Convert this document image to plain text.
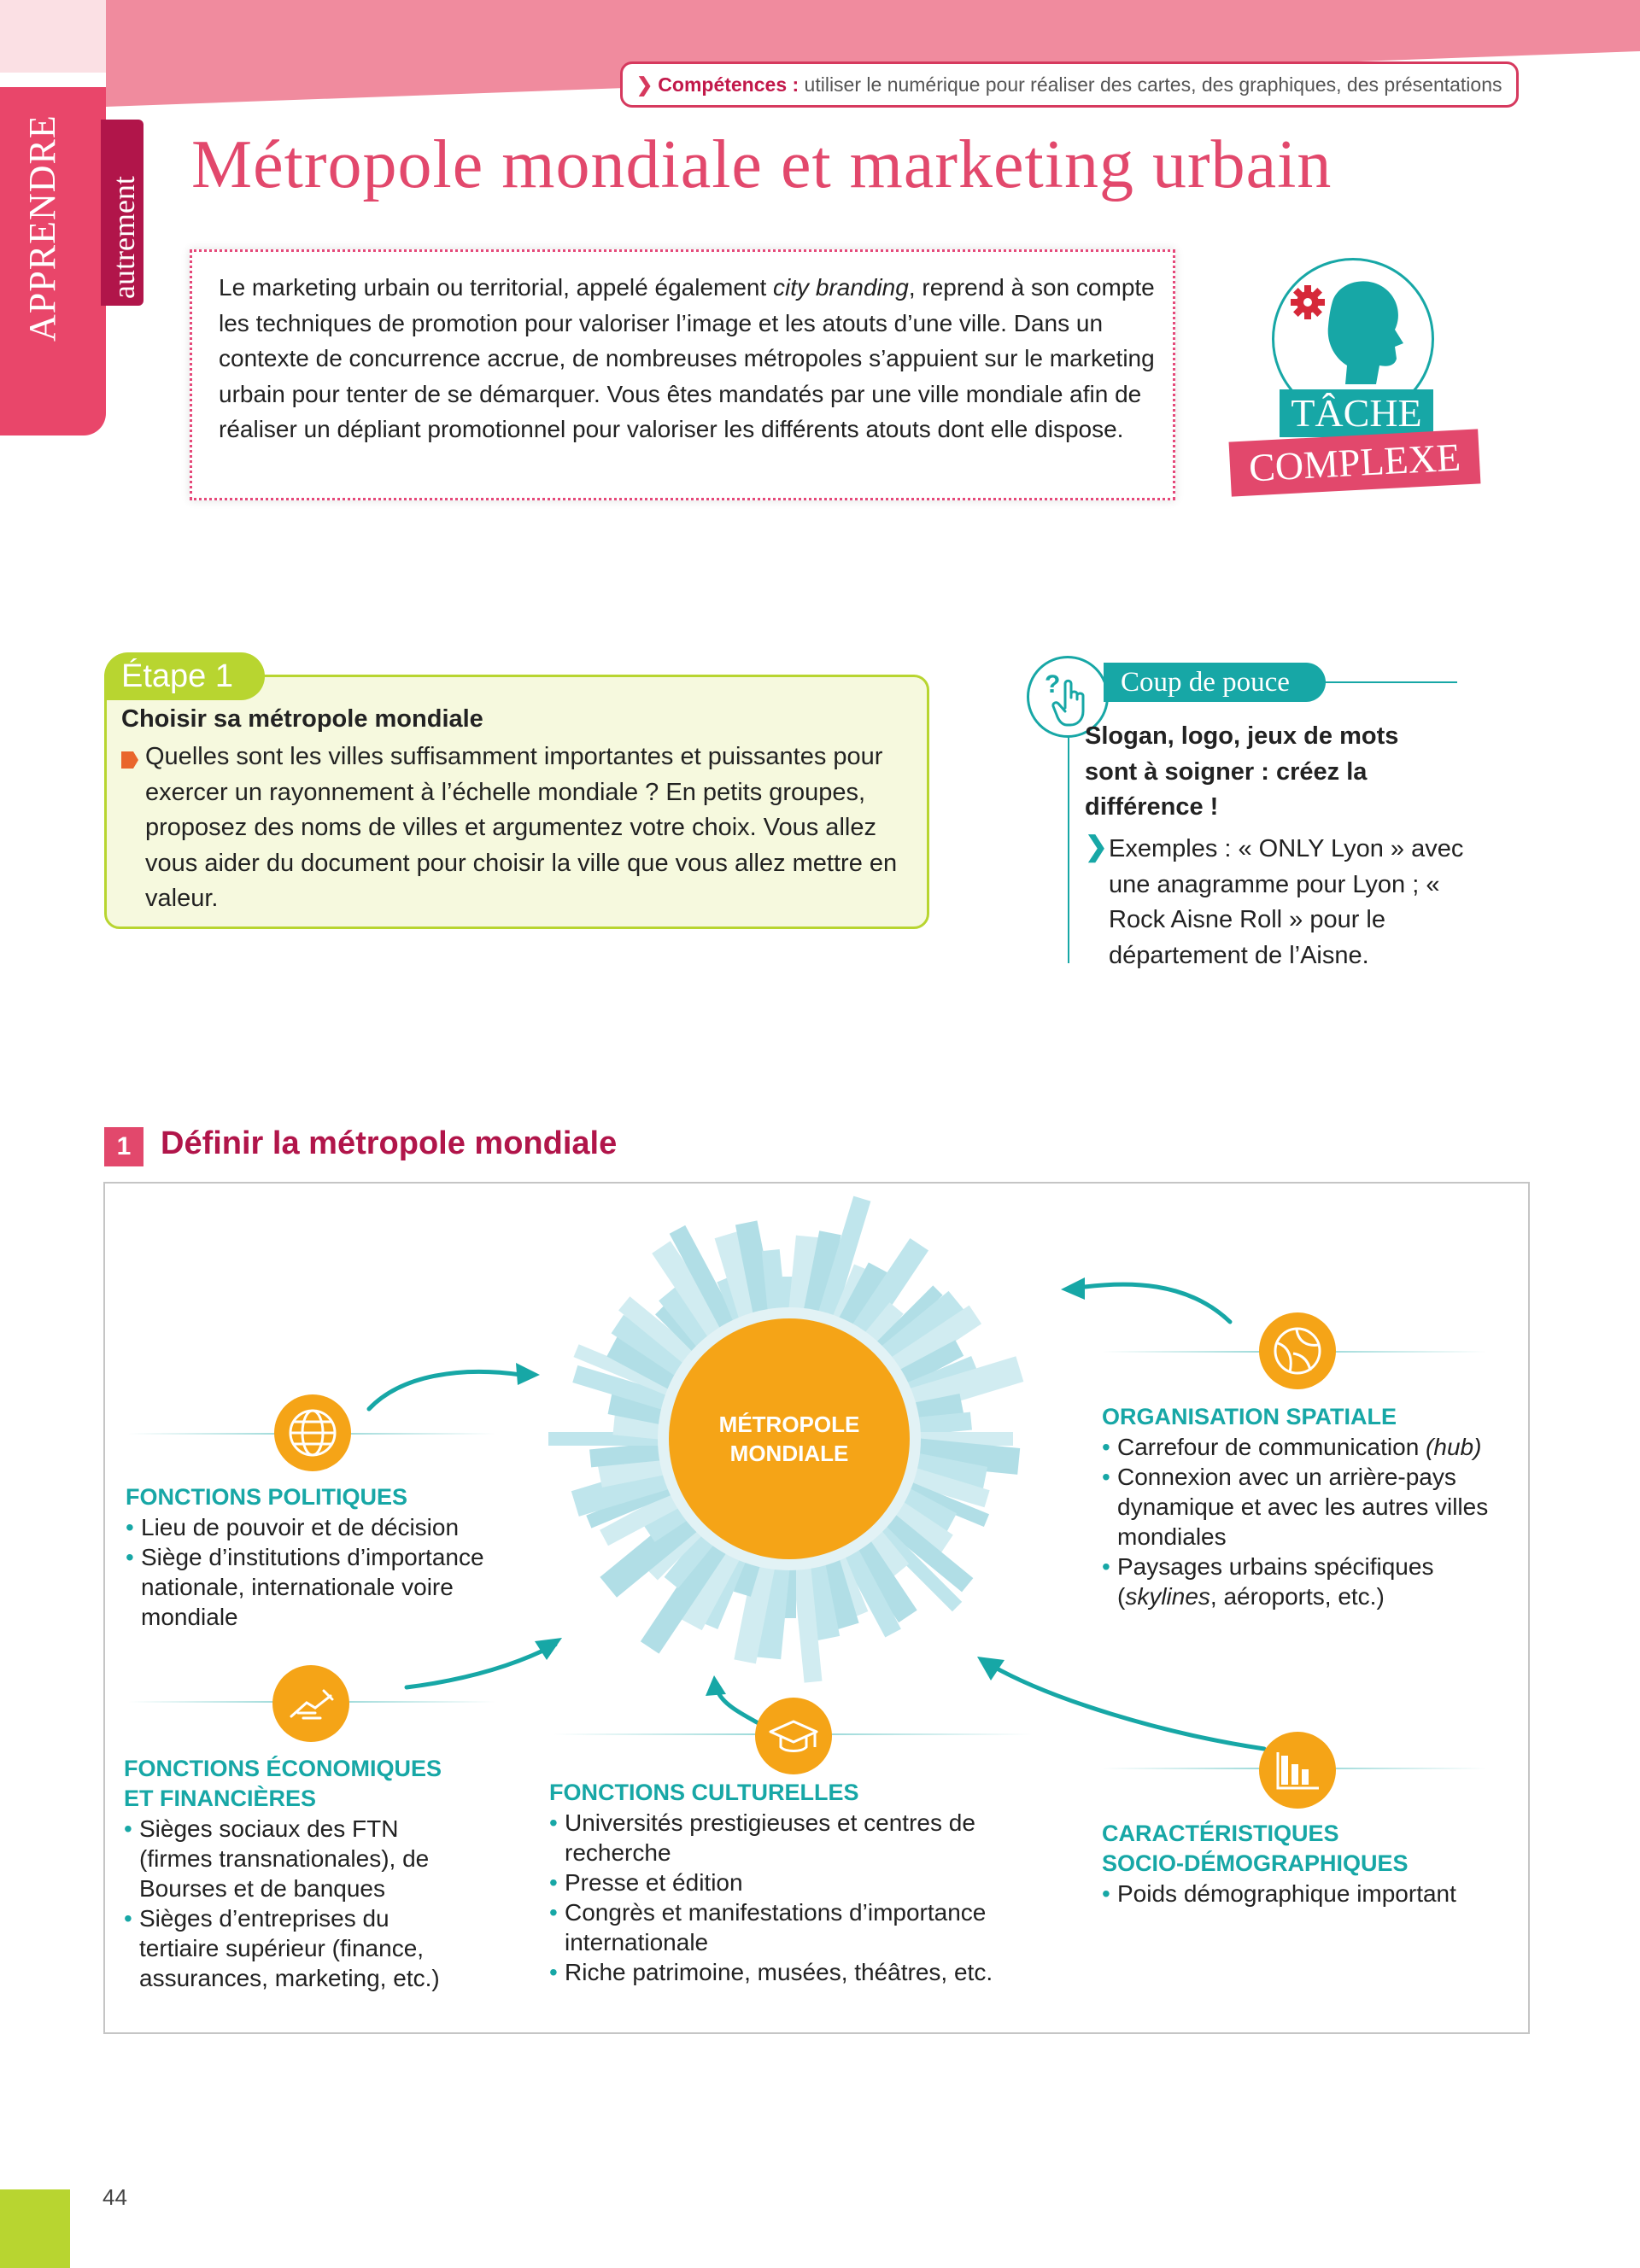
❯ Compétences : utiliser le numérique pour réaliser des cartes, des graphiques, des présentations
APPRENDRE autrement
Métropole mondiale et marketing urbain
Le marketing urbain ou territorial, appelé également city branding, reprend à son compte les techniques de promotion pour valoriser l’image et les atouts d’une ville. Dans un contexte de concurrence accrue, de nombreuses métropoles s’appuient sur le marketing urbain pour tenter de se démarquer. Vous êtes mandatés par une ville mondiale afin de réaliser un dépliant promotionnel pour valoriser les différents atouts dont elle dispose.	TÂCHE
COMPLEXE
Étape 1
Choisir sa métropole mondiale
Quelles sont les villes suffisamment importantes et puissantes pour exercer un rayonnement à l’échelle mondiale ? En petits groupes, proposez des noms de villes et argumentez votre choix. Vous allez vous aider du document pour choisir la ville que vous allez mettre en valeur.
?	Coup de pouce
Slogan, logo, jeux de mots sont à soigner : créez la différence !
❯ Exemples : « ONLY Lyon » avec une anagramme pour Lyon ; « Rock Aisne Roll » pour le département de l’Aisne.
1 Définir la métropole mondiale
MÉTROPOLE
MONDIALE
FONCTIONS POLITIQUES
• Lieu de pouvoir et de décision
• Siège d’institutions d’importance nationale, internationale voire mondiale
FONCTIONS ÉCONOMIQUES
ET FINANCIÈRES
• Sièges sociaux des FTN (firmes transnationales), de Bourses et de banques
• Sièges d’entreprises du tertiaire supérieur (finance, assurances, marketing, etc.)
FONCTIONS CULTURELLES
• Universités prestigieuses et centres de recherche
• Presse et édition
• Congrès et manifestations d’importance internationale
• Riche patrimoine, musées, théâtres, etc.
ORGANISATION SPATIALE
• Carrefour de communication (hub)
• Connexion avec un arrière-pays dynamique et avec les autres villes mondiales
• Paysages urbains spécifiques (skylines, aéroports, etc.)
CARACTÉRISTIQUES
SOCIO-DÉMOGRAPHIQUES
• Poids démographique important
44
